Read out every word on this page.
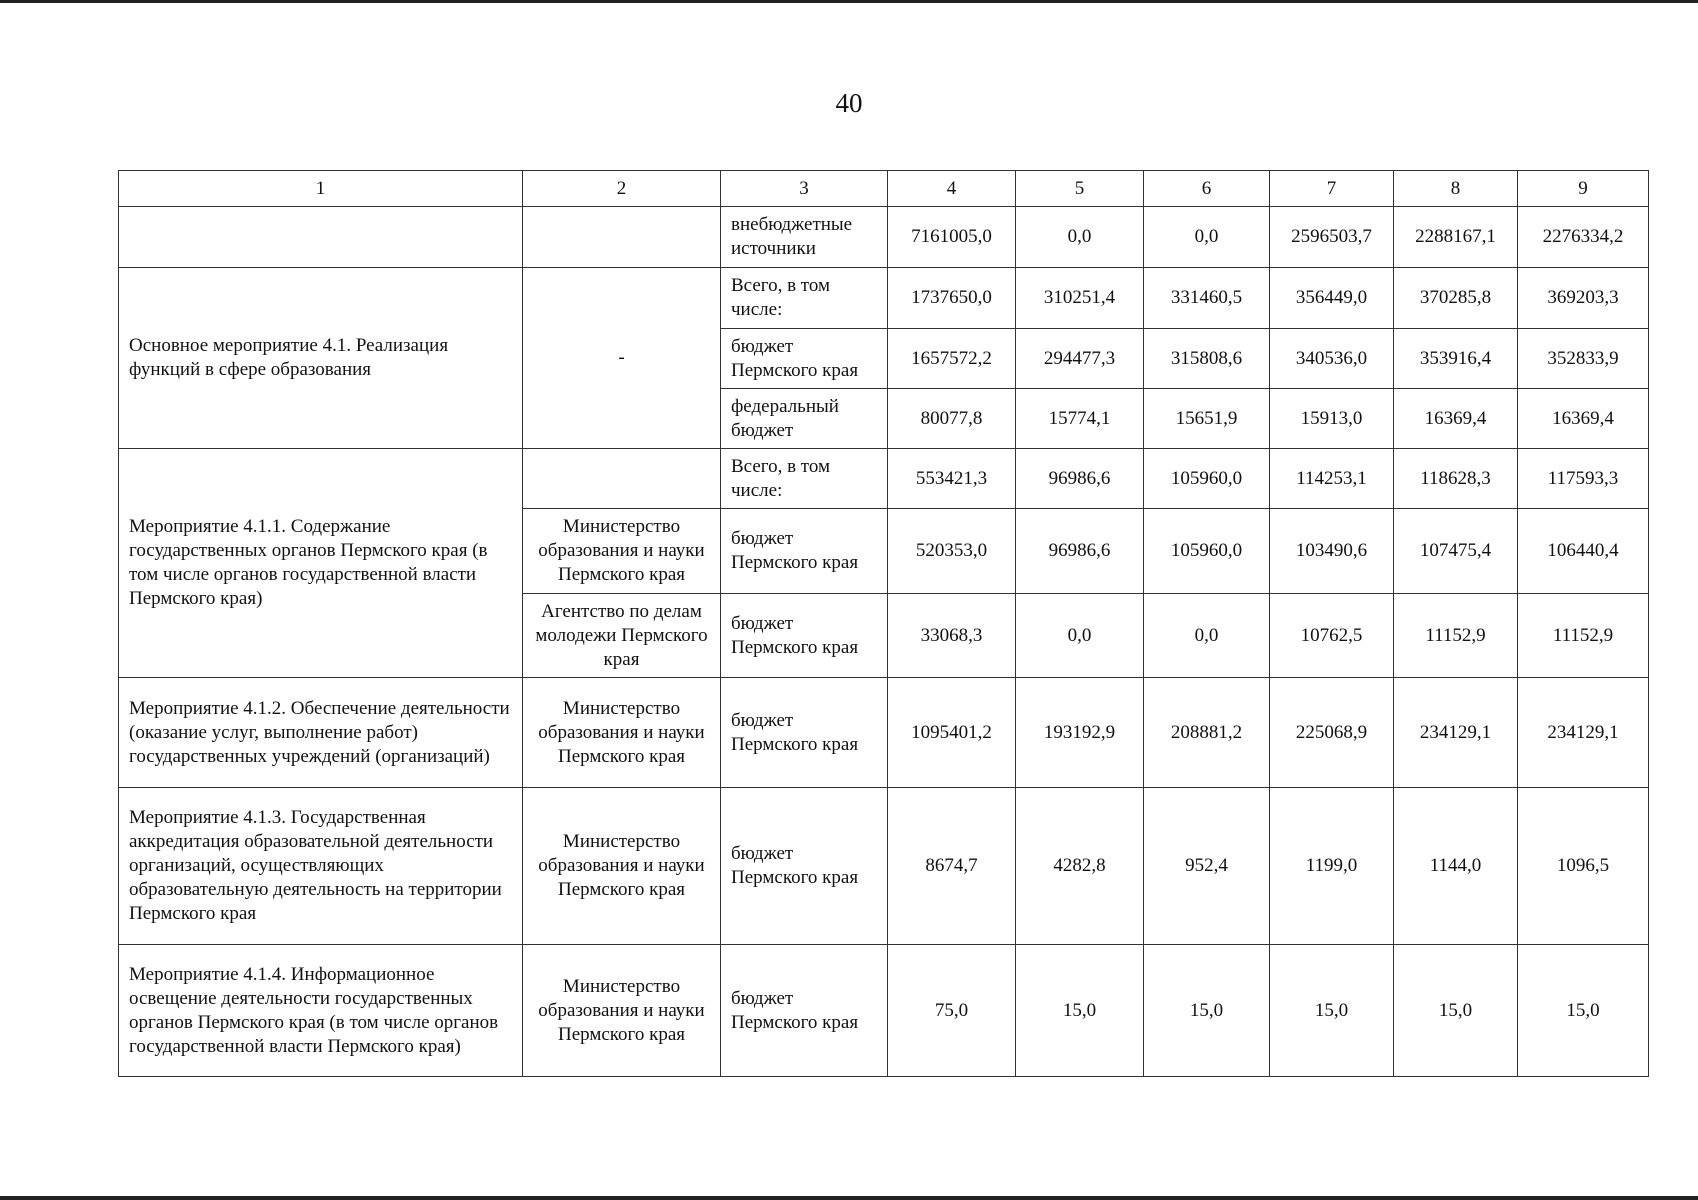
40
1	2	3	4	5	6	7	8	9
		внебюджетные источники	7161005,0	0,0	0,0	2596503,7	2288167,1	2276334,2
Основное мероприятие 4.1. Реализация функций в сфере образования	-	Всего, в том числе:	1737650,0	310251,4	331460,5	356449,0	370285,8	369203,3
		бюджет Пермского края	1657572,2	294477,3	315808,6	340536,0	353916,4	352833,9
		федеральный бюджет	80077,8	15774,1	15651,9	15913,0	16369,4	16369,4
Мероприятие 4.1.1. Содержание государственных органов Пермского края (в том числе органов государственной власти Пермского края)		Всего, в том числе:	553421,3	96986,6	105960,0	114253,1	118628,3	117593,3
	Министерство образования и науки Пермского края	бюджет Пермского края	520353,0	96986,6	105960,0	103490,6	107475,4	106440,4
	Агентство по делам молодежи Пермского края	бюджет Пермского края	33068,3	0,0	0,0	10762,5	11152,9	11152,9
Мероприятие 4.1.2. Обеспечение деятельности (оказание услуг, выполнение работ) государственных учреждений (организаций)	Министерство образования и науки Пермского края	бюджет Пермского края	1095401,2	193192,9	208881,2	225068,9	234129,1	234129,1
Мероприятие 4.1.3. Государственная аккредитация образовательной деятельности организаций, осуществляющих образовательную деятельность на территории Пермского края	Министерство образования и науки Пермского края	бюджет Пермского края	8674,7	4282,8	952,4	1199,0	1144,0	1096,5
Мероприятие 4.1.4. Информационное освещение деятельности государственных органов Пермского края (в том числе органов государственной власти Пермского края)	Министерство образования и науки Пермского края	бюджет Пермского края	75,0	15,0	15,0	15,0	15,0	15,0
